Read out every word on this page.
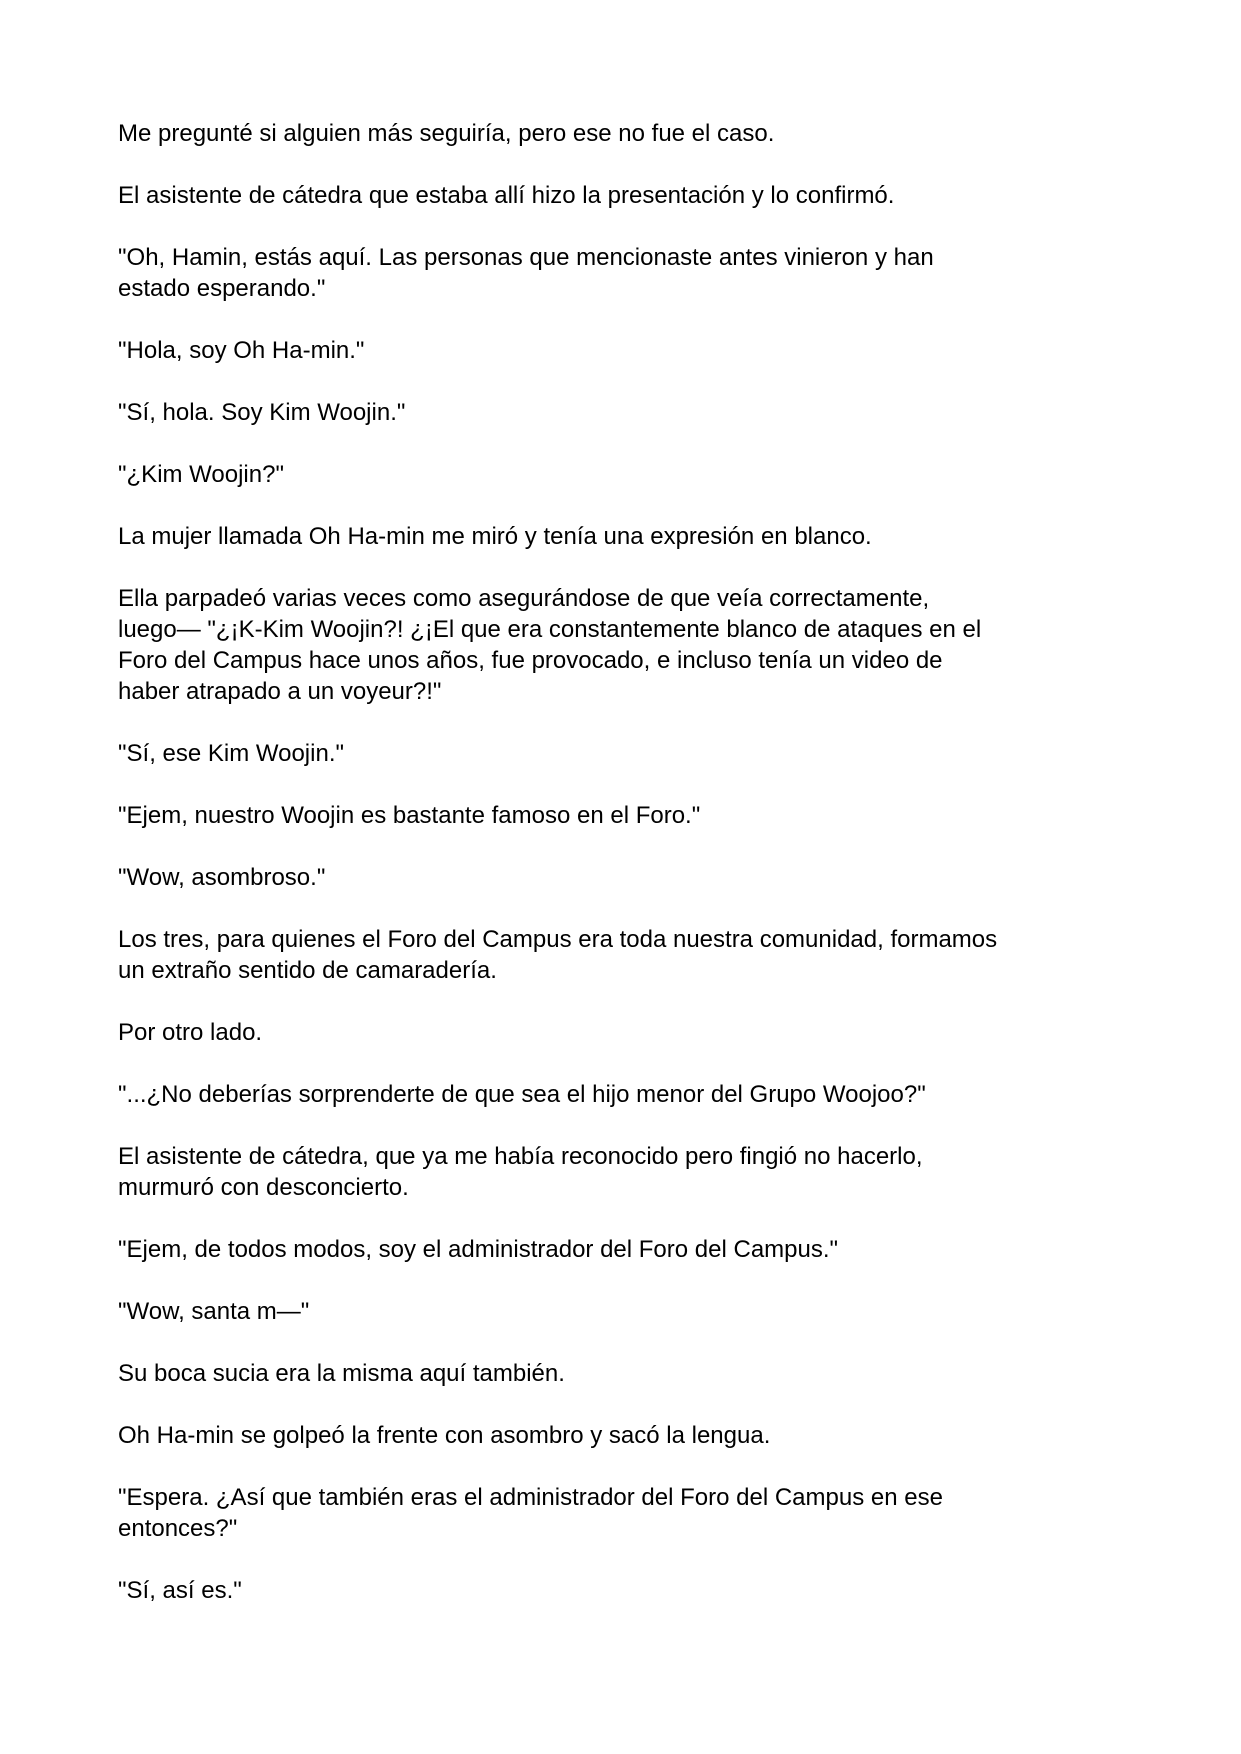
Me pregunté si alguien más seguiría, pero ese no fue el caso.

El asistente de cátedra que estaba allí hizo la presentación y lo confirmó.

"Oh, Hamin, estás aquí. Las personas que mencionaste antes vinieron y han
estado esperando."

"Hola, soy Oh Ha-min."

"Sí, hola. Soy Kim Woojin."

"¿Kim Woojin?"

La mujer llamada Oh Ha-min me miró y tenía una expresión en blanco.

Ella parpadeó varias veces como asegurándose de que veía correctamente,
luego— "¿¡K-Kim Woojin?! ¿¡El que era constantemente blanco de ataques en el
Foro del Campus hace unos años, fue provocado, e incluso tenía un video de
haber atrapado a un voyeur?!"

"Sí, ese Kim Woojin."

"Ejem, nuestro Woojin es bastante famoso en el Foro."

"Wow, asombroso."

Los tres, para quienes el Foro del Campus era toda nuestra comunidad, formamos
un extraño sentido de camaradería.

Por otro lado.

"...¿No deberías sorprenderte de que sea el hijo menor del Grupo Woojoo?"

El asistente de cátedra, que ya me había reconocido pero fingió no hacerlo,
murmuró con desconcierto.

"Ejem, de todos modos, soy el administrador del Foro del Campus."

"Wow, santa m—"

Su boca sucia era la misma aquí también.

Oh Ha-min se golpeó la frente con asombro y sacó la lengua.

"Espera. ¿Así que también eras el administrador del Foro del Campus en ese
entonces?"

"Sí, así es."
